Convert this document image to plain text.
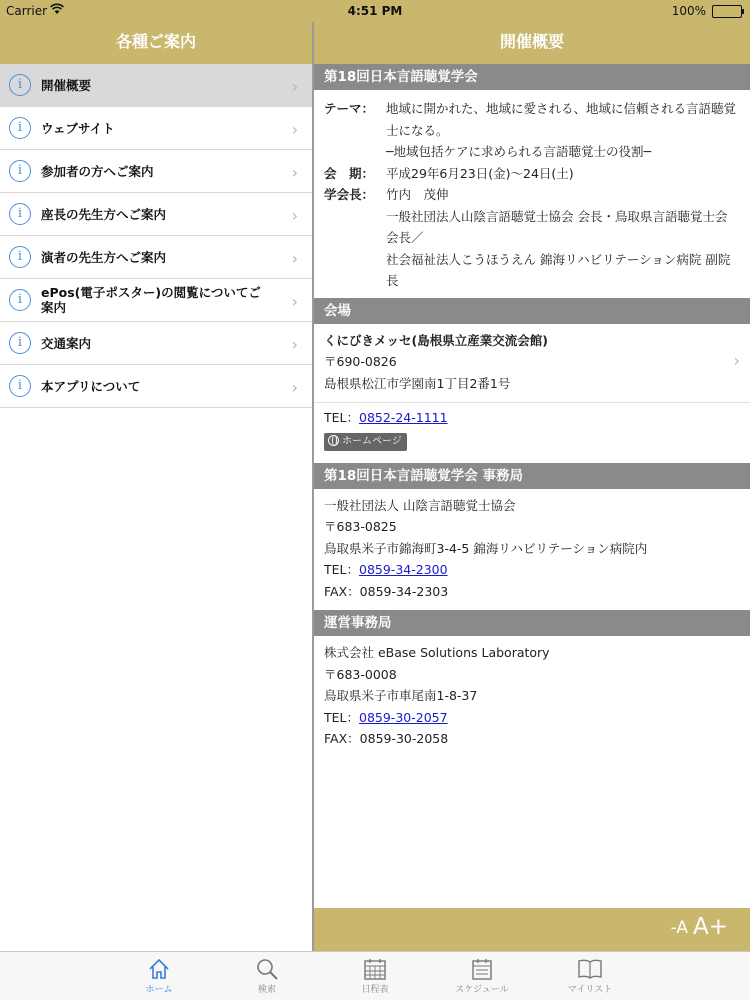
Carrier	4:51 PM	100%
各種ご案内	開催概要
i	開催概要	›
i	ウェブサイト	›
i	参加者の方へご案内	›
i	座長の先生方へご案内	›
i	演者の先生方へご案内	›
i	ePos(電子ポスター)の閲覧についてご案内	›
i	交通案内	›
i	本アプリについて	›
第18回日本言語聴覚学会
テーマ： 地域に開かれた、地域に愛される、地域に信頼される言語聴覚士になる。
─地域包括ケアに求められる言語聴覚士の役割─
会　期： 平成29年6月23日(金)〜24日(土)
学会長： 竹内　茂伸
一般社団法人山陰言語聴覚士協会 会長・鳥取県言語聴覚士会 会長／
社会福祉法人こうほうえん 錦海リハビリテーション病院 副院長
会場
くにびきメッセ(島根県立産業交流会館)
〒690-0826
島根県松江市学園南1丁目2番1号
›
TEL：0852-24-1111
ホームページ
第18回日本言語聴覚学会 事務局
一般社団法人 山陰言語聴覚士協会
〒683-0825
鳥取県米子市錦海町3-4-5 錦海リハビリテーション病院内
TEL：0859-34-2300
FAX：0859-34-2303
運営事務局
株式会社 eBase Solutions Laboratory
〒683-0008
鳥取県米子市車尾南1-8-37
TEL：0859-30-2057
FAX：0859-30-2058
-A A+
ホーム	検索	日程表	スケジュール	マイリスト
